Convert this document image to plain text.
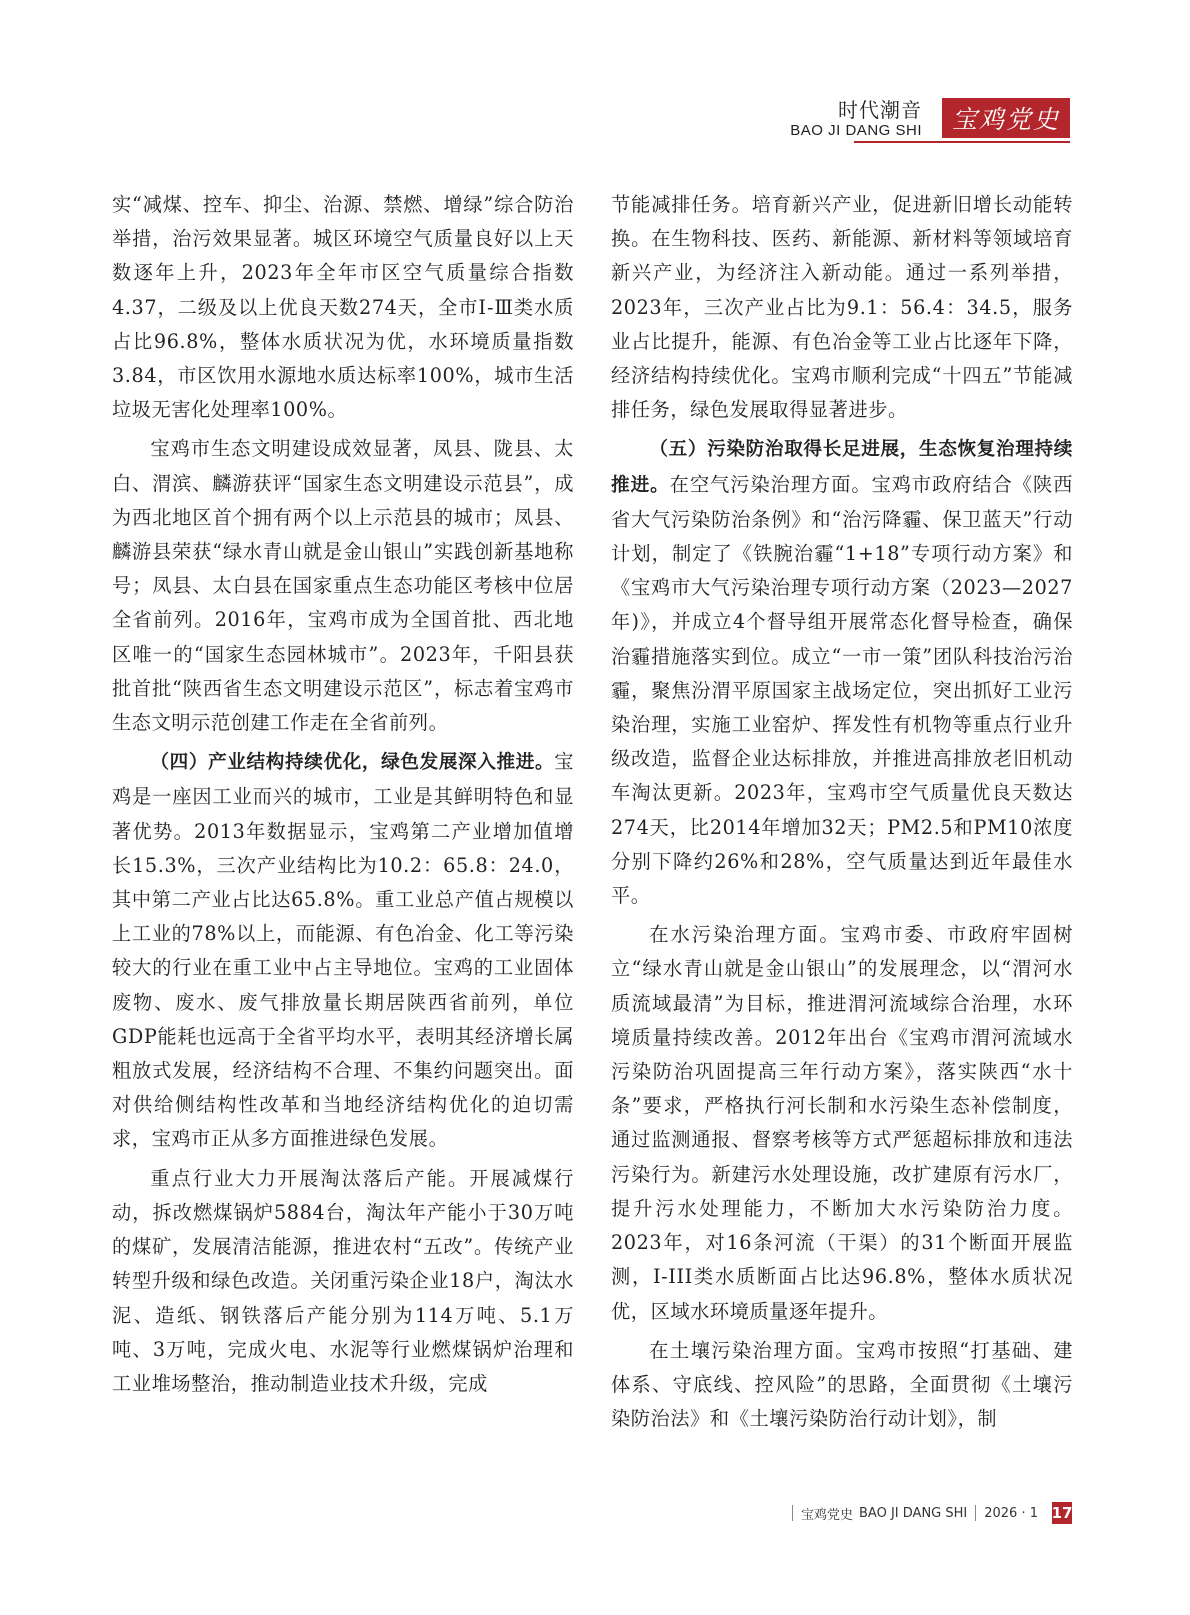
时代潮音
BAO JI DANG SHI	宝鸡党史

实“减煤、控车、抑尘、治源、禁燃、增绿”综合防治举措，治污效果显著。城区环境空气质量良好以上天数逐年上升，2023年全年市区空气质量综合指数4.37，二级及以上优良天数274天，全市Ⅰ-Ⅲ类水质占比96.8%，整体水质状况为优，水环境质量指数3.84，市区饮用水源地水质达标率100%，城市生活垃圾无害化处理率100%。

宝鸡市生态文明建设成效显著，凤县、陇县、太白、渭滨、麟游获评“国家生态文明建设示范县”，成为西北地区首个拥有两个以上示范县的城市；凤县、麟游县荣获“绿水青山就是金山银山”实践创新基地称号；凤县、太白县在国家重点生态功能区考核中位居全省前列。2016年，宝鸡市成为全国首批、西北地区唯一的“国家生态园林城市”。2023年，千阳县获批首批“陕西省生态文明建设示范区”，标志着宝鸡市生态文明示范创建工作走在全省前列。

（四）产业结构持续优化，绿色发展深入推进。宝鸡是一座因工业而兴的城市，工业是其鲜明特色和显著优势。2013年数据显示，宝鸡第二产业增加值增长15.3%，三次产业结构比为10.2：65.8：24.0，其中第二产业占比达65.8%。重工业总产值占规模以上工业的78%以上，而能源、有色冶金、化工等污染较大的行业在重工业中占主导地位。宝鸡的工业固体废物、废水、废气排放量长期居陕西省前列，单位GDP能耗也远高于全省平均水平，表明其经济增长属粗放式发展，经济结构不合理、不集约问题突出。面对供给侧结构性改革和当地经济结构优化的迫切需求，宝鸡市正从多方面推进绿色发展。

重点行业大力开展淘汰落后产能。开展减煤行动，拆改燃煤锅炉5884台，淘汰年产能小于30万吨的煤矿，发展清洁能源，推进农村“五改”。传统产业转型升级和绿色改造。关闭重污染企业18户，淘汰水泥、造纸、钢铁落后产能分别为114万吨、5.1万吨、3万吨，完成火电、水泥等行业燃煤锅炉治理和工业堆场整治，推动制造业技术升级，完成

节能减排任务。培育新兴产业，促进新旧增长动能转换。在生物科技、医药、新能源、新材料等领域培育新兴产业，为经济注入新动能。通过一系列举措，2023年，三次产业占比为9.1：56.4：34.5，服务业占比提升，能源、有色冶金等工业占比逐年下降，经济结构持续优化。宝鸡市顺利完成“十四五”节能减排任务，绿色发展取得显著进步。

（五）污染防治取得长足进展，生态恢复治理持续推进。在空气污染治理方面。宝鸡市政府结合《陕西省大气污染防治条例》和“治污降霾、保卫蓝天”行动计划，制定了《铁腕治霾“1+18”专项行动方案》和《宝鸡市大气污染治理专项行动方案（2023—2027年)》，并成立4个督导组开展常态化督导检查，确保治霾措施落实到位。成立“一市一策”团队科技治污治霾，聚焦汾渭平原国家主战场定位，突出抓好工业污染治理，实施工业窑炉、挥发性有机物等重点行业升级改造，监督企业达标排放，并推进高排放老旧机动车淘汰更新。2023年，宝鸡市空气质量优良天数达274天，比2014年增加32天；PM2.5和PM10浓度分别下降约26%和28%，空气质量达到近年最佳水平。

在水污染治理方面。宝鸡市委、市政府牢固树立“绿水青山就是金山银山”的发展理念，以“渭河水质流域最清”为目标，推进渭河流域综合治理，水环境质量持续改善。2012年出台《宝鸡市渭河流域水污染防治巩固提高三年行动方案》，落实陕西“水十条”要求，严格执行河长制和水污染生态补偿制度，通过监测通报、督察考核等方式严惩超标排放和违法污染行为。新建污水处理设施，改扩建原有污水厂，提升污水处理能力，不断加大水污染防治力度。2023年，对16条河流（干渠）的31个断面开展监测，I-III类水质断面占比达96.8%，整体水质状况优，区域水环境质量逐年提升。

在土壤污染治理方面。宝鸡市按照“打基础、建体系、守底线、控风险”的思路，全面贯彻《土壤污染防治法》和《土壤污染防治行动计划》，制

宝鸡党史 BAO JI DANG SHI 2026 · 1 17
